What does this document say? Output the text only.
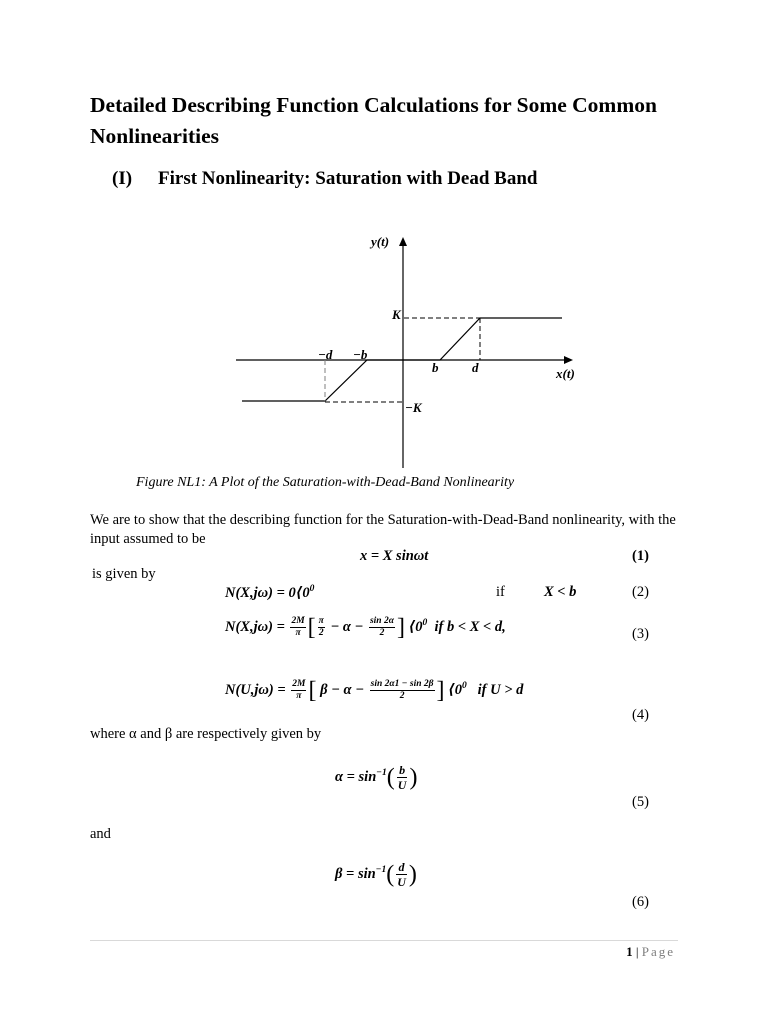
Detailed Describing Function Calculations for Some Common Nonlinearities
(I) First Nonlinearity: Saturation with Dead Band
y(t)
x(t)
K
−K
−d −b
b	d
Figure NL1: A Plot of the Saturation-with-Dead-Band Nonlinearity
We are to show that the describing function for the Saturation-with-Dead-Band nonlinearity, with the input assumed to be
x = X sinωt	(1)
is given by
$N(X,j\omega) = 0⟨0^0$	if	X < b	(2)
$N(X,j\omega) = \frac{2M}{\pi}$ [ $\frac{\pi}{2} - \alpha - \frac{\sin 2\alpha}{2}$ ] $⟨0^0$ if b < X < d,	(3)
$N(U,j\omega) = \frac{2M}{\pi}$ [ $\beta - \alpha - \frac{\sin 2\alpha 1 - \sin 2\beta}{2}$ ] $⟨0^0$ if U > d
(4)
where α and β are respectively given by
$\alpha = \sin^{-1}( \frac{b}{U}$ )
(5)
and
$\beta = \sin^{-1}( \frac{d}{U}$ )
(6)
1 | Page
